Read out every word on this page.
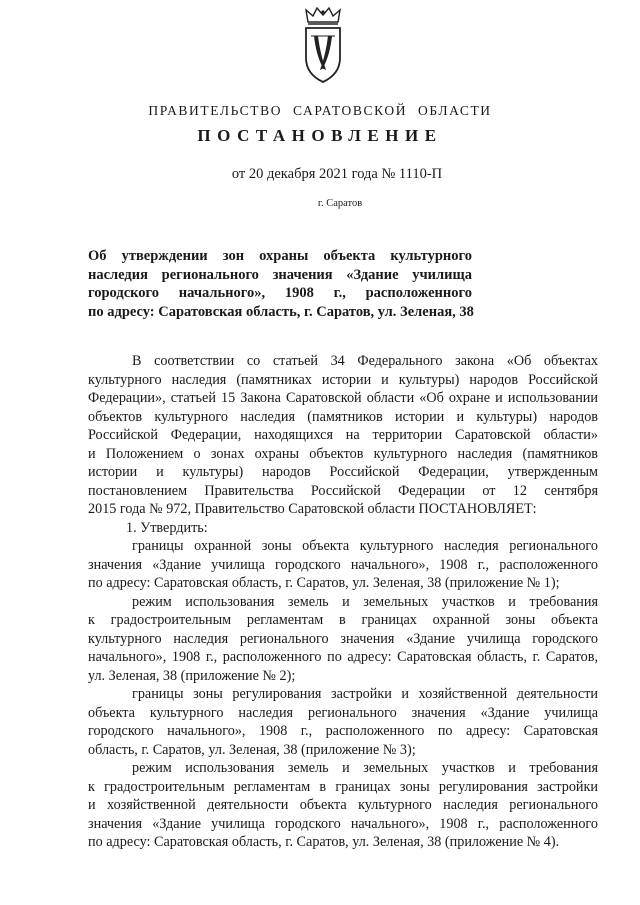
ПРАВИТЕЛЬСТВО САРАТОВСКОЙ ОБЛАСТИ
ПОСТАНОВЛЕНИЕ
от 20 декабря 2021 года № 1110-П
г. Саратов
Об утверждении зон охраны объекта культурного
наследия регионального значения «Здание училища
городского начального», 1908 г., расположенного
по адресу: Саратовская область, г. Саратов, ул. Зеленая, 38

В соответствии со статьей 34 Федерального закона «Об объектах
культурного наследия (памятниках истории и культуры) народов Российской
Федерации», статьей 15 Закона Саратовской области «Об охране и использовании
объектов культурного наследия (памятников истории и культуры) народов
Российской Федерации, находящихся на территории Саратовской области»
и Положением о зонах охраны объектов культурного наследия (памятников
истории и культуры) народов Российской Федерации, утвержденным
постановлением Правительства Российской Федерации от 12 сентября
2015 года № 972, Правительство Саратовской области ПОСТАНОВЛЯЕТ:

1. Утвердить:

границы охранной зоны объекта культурного наследия регионального
значения «Здание училища городского начального», 1908 г., расположенного
по адресу: Саратовская область, г. Саратов, ул. Зеленая, 38 (приложение № 1);

режим использования земель и земельных участков и требования
к градостроительным регламентам в границах охранной зоны объекта
культурного наследия регионального значения «Здание училища городского
начального», 1908 г., расположенного по адресу: Саратовская область, г. Саратов,
ул. Зеленая, 38 (приложение № 2);

границы зоны регулирования застройки и хозяйственной деятельности
объекта культурного наследия регионального значения «Здание училища
городского начального», 1908 г., расположенного по адресу: Саратовская
область, г. Саратов, ул. Зеленая, 38 (приложение № 3);

режим использования земель и земельных участков и требования
к градостроительным регламентам в границах зоны регулирования застройки
и хозяйственной деятельности объекта культурного наследия регионального
значения «Здание училища городского начального», 1908 г., расположенного
по адресу: Саратовская область, г. Саратов, ул. Зеленая, 38 (приложение № 4).
